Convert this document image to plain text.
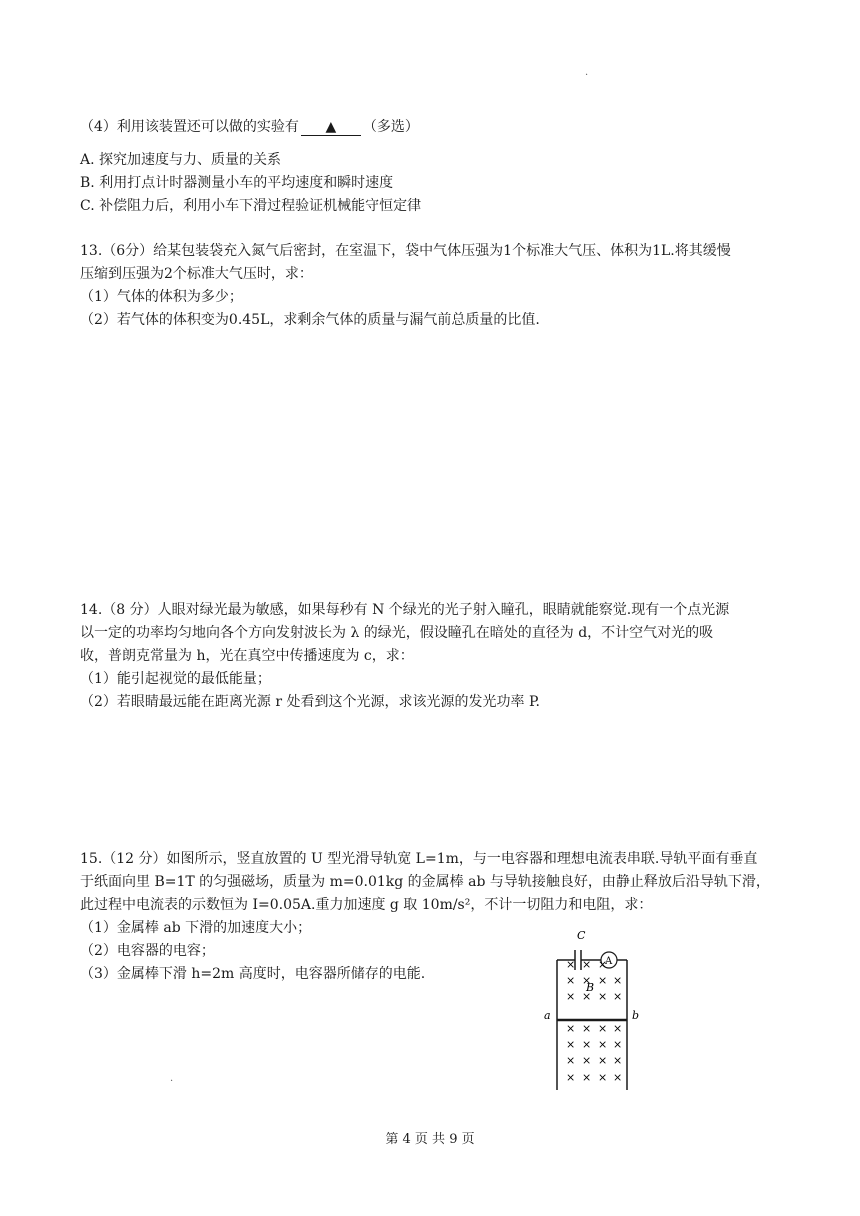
·
（4）利用该装置还可以做的实验有 ▲ （多选）
A. 探究加速度与力、质量的关系
B. 利用打点计时器测量小车的平均速度和瞬时速度
C. 补偿阻力后，利用小车下滑过程验证机械能守恒定律
13.（6分）给某包装袋充入氮气后密封，在室温下，袋中气体压强为1个标准大气压、体积为1L.将其缓慢
压缩到压强为2个标准大气压时，求：
（1）气体的体积为多少；
（2）若气体的体积变为0.45L，求剩余气体的质量与漏气前总质量的比值.
14.（8 分）人眼对绿光最为敏感，如果每秒有 N 个绿光的光子射入瞳孔，眼睛就能察觉.现有一个点光源
以一定的功率均匀地向各个方向发射波长为 λ 的绿光，假设瞳孔在暗处的直径为 d，不计空气对光的吸
收，普朗克常量为 h，光在真空中传播速度为 c，求：
（1）能引起视觉的最低能量；
（2）若眼睛最远能在距离光源 r 处看到这个光源，求该光源的发光功率 P.
15.（12 分）如图所示，竖直放置的 U 型光滑导轨宽 L=1m，与一电容器和理想电流表串联.导轨平面有垂直
于纸面向里 B=1T 的匀强磁场，质量为 m=0.01kg 的金属棒 ab 与导轨接触良好，由静止释放后沿导轨下滑，
此过程中电流表的示数恒为 I=0.05A.重力加速度 g 取 10m/s²，不计一切阻力和电阻，求：
（1）金属棒 ab 下滑的加速度大小；
（2）电容器的电容；
（3）金属棒下滑 h=2m 高度时，电容器所储存的电能.
C
A
a	b
B
× × ×
× × × ×
× × × ×
× × × ×
× × × ×
× × × ×
× × × ×
·
第 4 页 共 9 页
